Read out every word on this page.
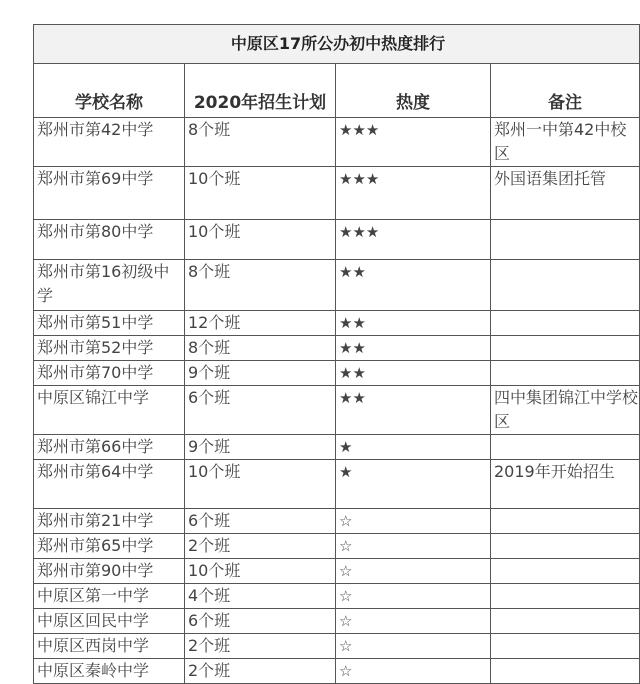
中原区17所公办初中热度排行			
学校名称	2020年招生计划	热度	备注
郑州市第42中学	8个班	★★★	郑州一中第42中校区
郑州市第69中学	10个班	★★★	外国语集团托管
郑州市第80中学	10个班	★★★	
郑州市第16初级中学	8个班	★★	
郑州市第51中学	12个班	★★	
郑州市第52中学	8个班	★★	
郑州市第70中学	9个班	★★	
中原区锦江中学	6个班	★★	四中集团锦江中学校区
郑州市第66中学	9个班	★	
郑州市第64中学	10个班	★	2019年开始招生
郑州市第21中学	6个班	☆	
郑州市第65中学	2个班	☆	
郑州市第90中学	10个班	☆	
中原区第一中学	4个班	☆	
中原区回民中学	6个班	☆	
中原区西岗中学	2个班	☆	
中原区秦岭中学	2个班	☆	
